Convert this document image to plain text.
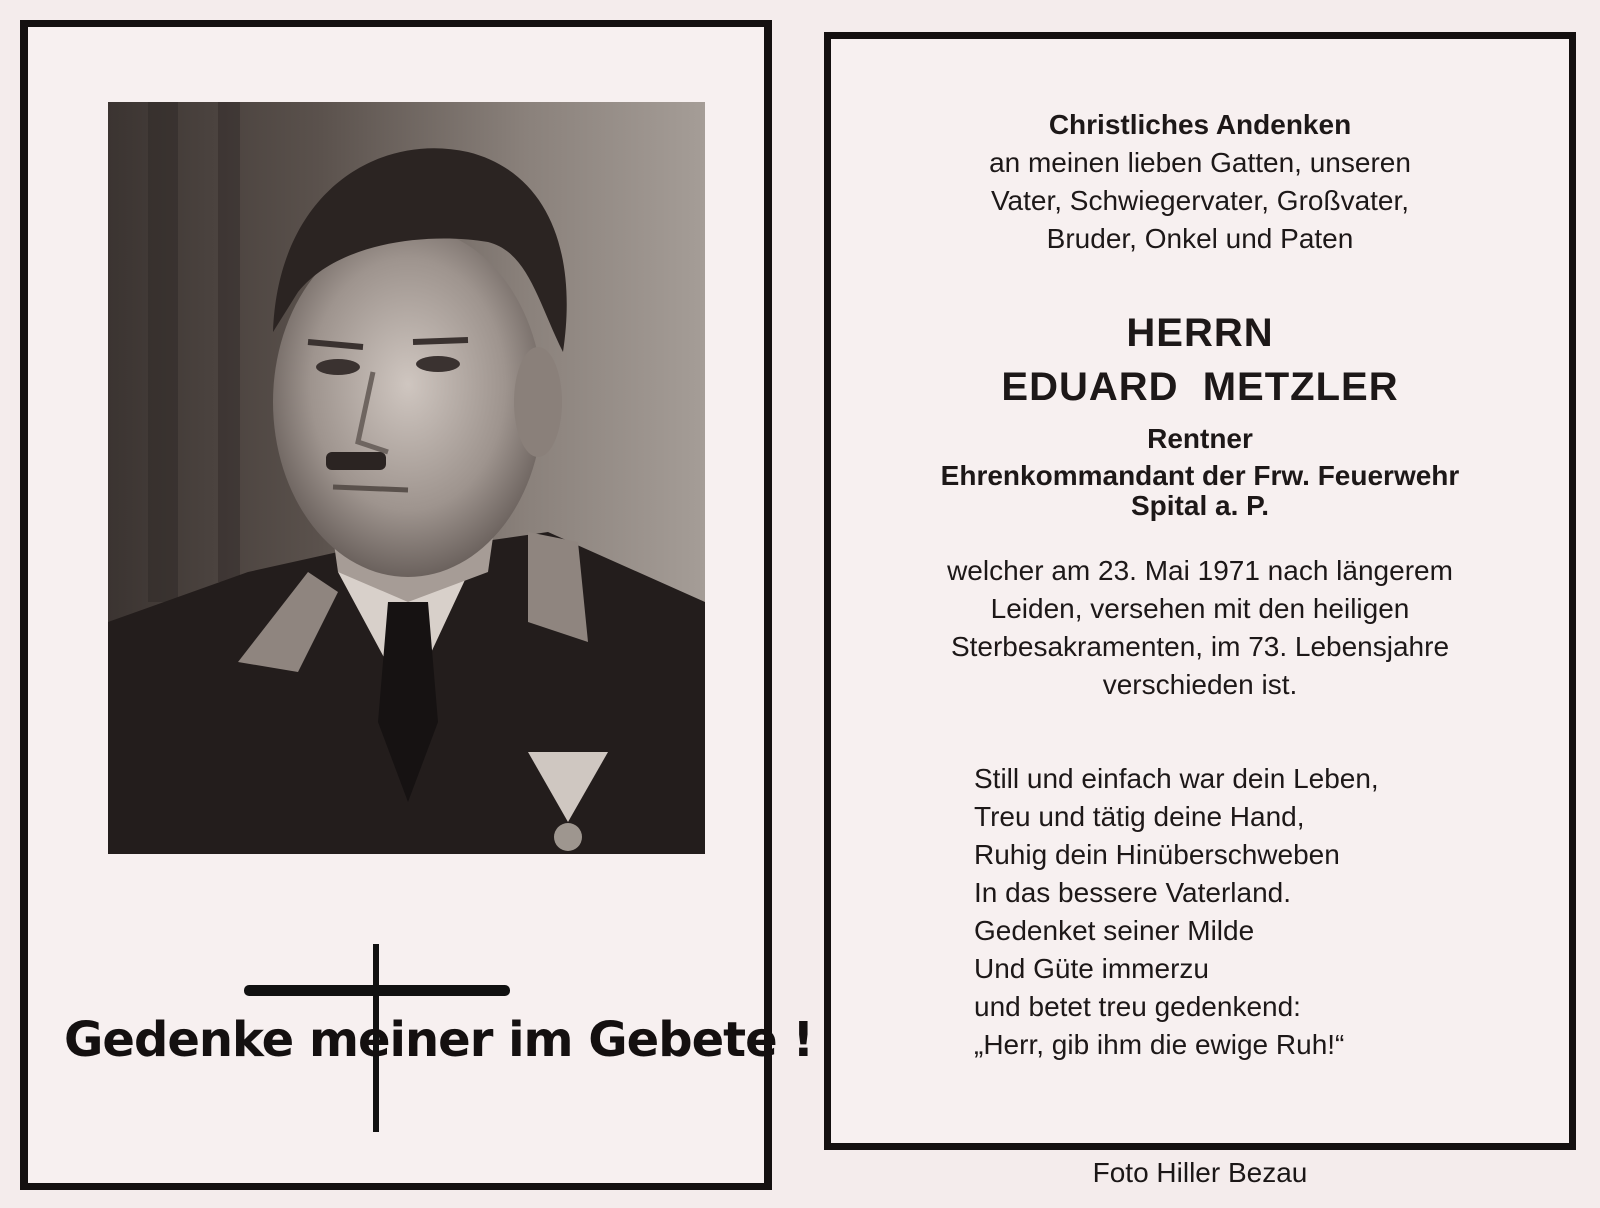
Gedenke meiner im Gebete !
Christliches Andenken
an meinen lieben Gatten, unseren
Vater, Schwiegervater, Großvater,
Bruder, Onkel und Paten
HERRN
EDUARD  METZLER
Rentner
Ehrenkommandant der Frw. Feuerwehr
Spital a. P.
welcher am 23. Mai 1971 nach längerem
Leiden, versehen mit den heiligen
Sterbesakramenten, im 73. Lebensjahre
verschieden ist.
Still und einfach war dein Leben,
Treu und tätig deine Hand,
Ruhig dein Hinüberschweben
In das bessere Vaterland.
Gedenket seiner Milde
Und Güte immerzu
und betet treu gedenkend:
„Herr, gib ihm die ewige Ruh!“
Foto Hiller Bezau
